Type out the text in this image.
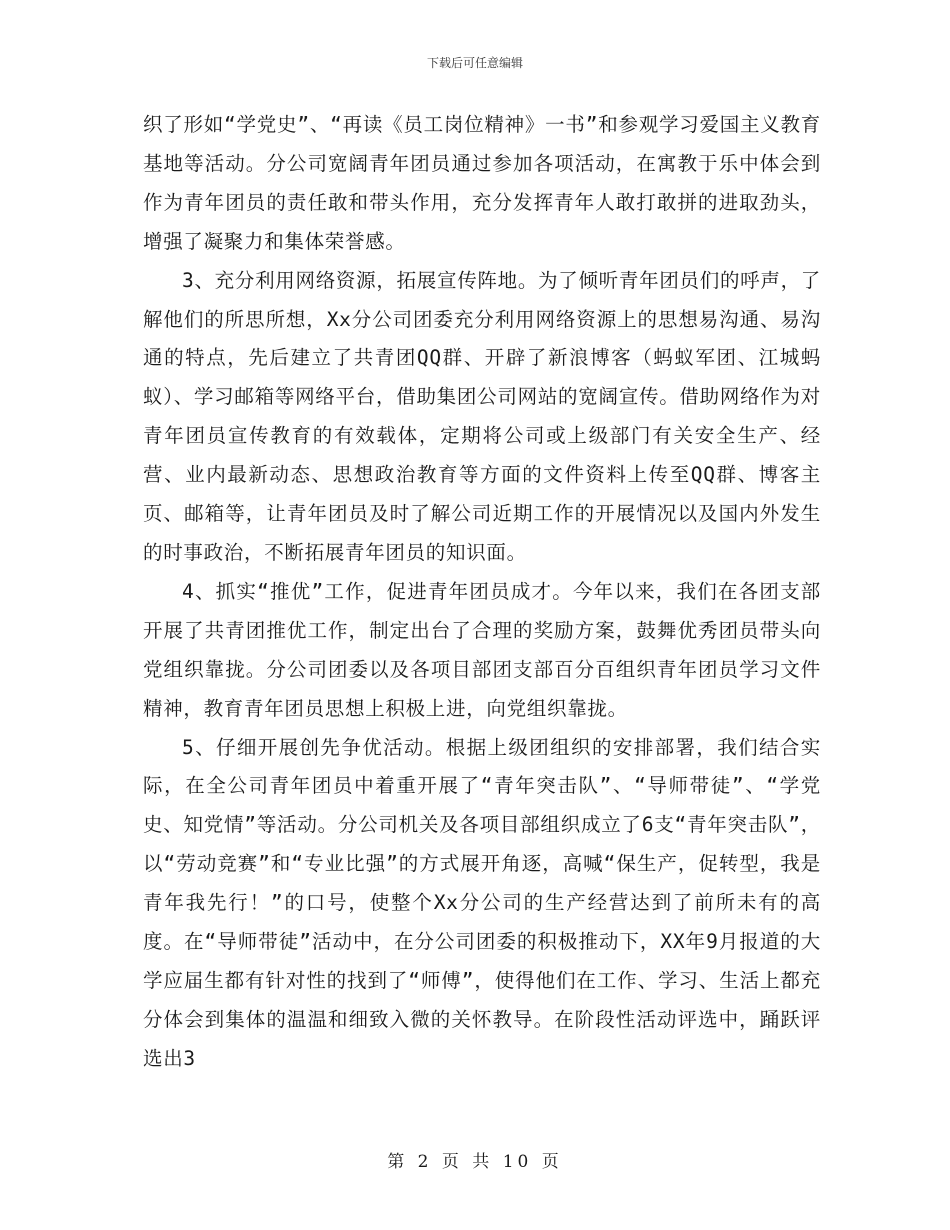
下载后可任意编辑

织了形如“学党史”、“再读《员工岗位精神》一书”和参观学习爱国主义教育基地等活动。分公司宽阔青年团员通过参加各项活动，在寓教于乐中体会到作为青年团员的责任敢和带头作用，充分发挥青年人敢打敢拼的进取劲头，增强了凝聚力和集体荣誉感。

3、充分利用网络资源，拓展宣传阵地。为了倾听青年团员们的呼声，了解他们的所思所想，Xx分公司团委充分利用网络资源上的思想易沟通、易沟通的特点，先后建立了共青团QQ群、开辟了新浪博客（蚂蚁军团、江城蚂蚁）、学习邮箱等网络平台，借助集团公司网站的宽阔宣传。借助网络作为对青年团员宣传教育的有效载体，定期将公司或上级部门有关安全生产、经营、业内最新动态、思想政治教育等方面的文件资料上传至QQ群、博客主页、邮箱等，让青年团员及时了解公司近期工作的开展情况以及国内外发生的时事政治，不断拓展青年团员的知识面。

4、抓实“推优”工作，促进青年团员成才。今年以来，我们在各团支部开展了共青团推优工作，制定出台了合理的奖励方案，鼓舞优秀团员带头向党组织靠拢。分公司团委以及各项目部团支部百分百组织青年团员学习文件精神，教育青年团员思想上积极上进，向党组织靠拢。

5、仔细开展创先争优活动。根据上级团组织的安排部署，我们结合实际，在全公司青年团员中着重开展了“青年突击队”、“导师带徒”、“学党史、知党情”等活动。分公司机关及各项目部组织成立了6支“青年突击队”，以“劳动竞赛”和“专业比强”的方式展开角逐，高喊“保生产，促转型，我是青年我先行！”的口号，使整个Xx分公司的生产经营达到了前所未有的高度。在“导师带徒”活动中，在分公司团委的积极推动下，XX年9月报道的大学应届生都有针对性的找到了“师傅”，使得他们在工作、学习、生活上都充分体会到集体的温温和细致入微的关怀教导。在阶段性活动评选中，踊跃评选出3

第 2 页 共 10 页
